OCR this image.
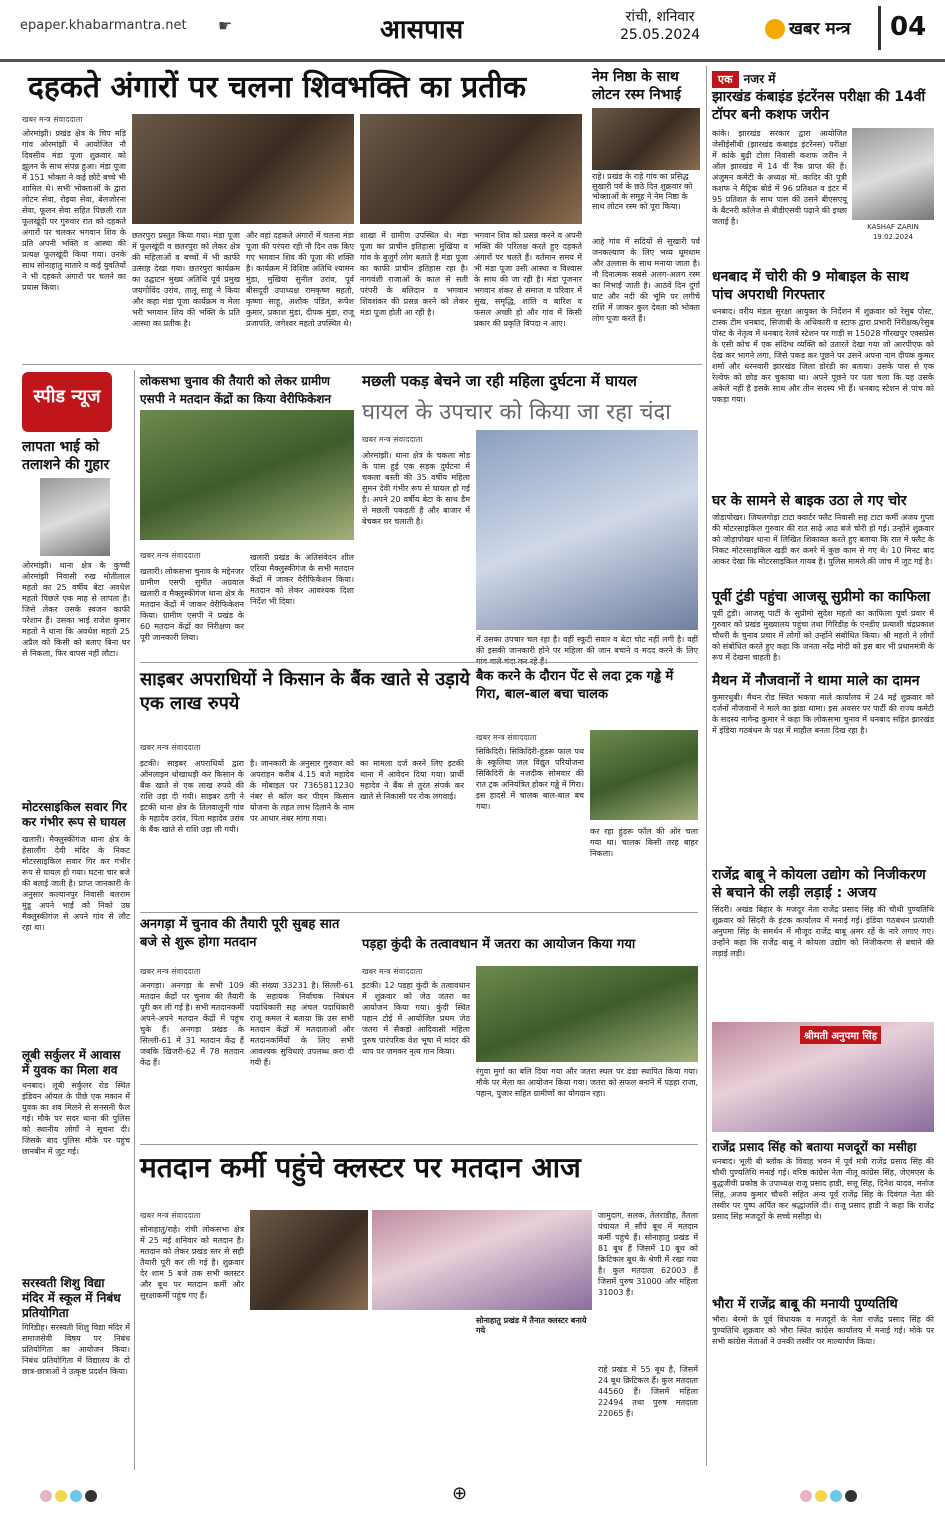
epaper.khabarmantra.net ☛	आसपास	रांची, शनिवार
25.05.2024	खबर मन्त्र 04
दहकते अंगारों पर चलना शिवभक्ति का प्रतीक
खबर मन्त्र संवाददाता
ओरमांझी। प्रखंड क्षेत्र के चिप मड़ि गांव ओरमांझी में आयोजित नौ दिवसीय मंडा पूजा शुक्रवार को झूलन के साथ संपन्न हुआ। मंडा पूजा में 151 भोक्ता ने कई छोटे बच्चे भी शामिल थे। सभी भोक्ताओं के द्वारा लोटन सेवा, रोइया सेवा, बेलजोरना सेवा, फूलन सेवा सहित पिछली रात फूलखूंदी पर गुरुवार रात को दहकते अंगारों पर चलकर भगवान शिव के प्रति अपनी भक्ति व आस्था की प्रत्यक्ष फूलखूंदी किया गया। उनके साथ सोनाहातु मातारे व कई युवतियों ने भी दहकते अंगारों पर चलने का प्रयास किया।
छतरपुरा प्रस्तुत किया गया। मंडा पूजा में फूलखूंदी व छतरपुरा को लेकर क्षेत्र की महिलाओं व बच्चों में भी काफी उत्साह देखा गया। छतरपुरा कार्यक्रम का उद्घाटन मुख्य अतिथि पूर्व प्रमुख जयगोविंद उरांव, तालू साहू ने किया और कहा मंडा पूजा कार्यक्रम व मेला भरी भगवान शिव की भक्ति के प्रति आस्था का प्रतीक है।
और वहां दहकते अंगारों में चलना मंडा पूजा की परंपरा रही नौ दिन तक किए गए भगवान शिव की पूजा की शक्ति है। कार्यक्रम में विशिष्ट अतिथि श्यामन मुंडा, मुखिया सुनील उरांव, पूर्व बीसदूदी उपाध्यक्ष रामकृष्ण महतो, कृष्णा साहू, अशोक पंडित, रूपेश कुमार, प्रकाश मुंडा, दीपक मुंडा, राजू प्रजापति, जगेश्वर महतो उपस्थित थे।
शाखा में ग्रामीण उपस्थित थे। मंडा पूजा का प्राचीन इतिहासः मुखिया व गांव के बुजुर्ग लोग बताते हैं मंडा पूजा का काफी प्राचीन इतिहास रहा है। नागवंशी राजाओं के काल से सती परंपरी के बलिदान व भगवान शिवशंकर की प्रसन्न करने को लेकर मंडा पूजा होती आ रही है।
भगवान शिव को प्रसन्न करने व अपनी भक्ति की परिलक्ष करते हुए दहकते अंगारों पर चलते हैं। वर्तमान समय में भी मंडा पूजा उसी आस्था व विश्वास के साथ की जा रही है। मंडा पूजनार भगवान शंकर से समाज व परिवार में सुख, समृद्धि, शांति व बारिश व फसल अच्छी हो और गांव में किसी प्रकार की प्रकृति विपदा न आए।
नेम निष्ठा के साथ लोटन रस्म निभाई
राहे। प्रखंड के राहे गांव का प्रसिद्ध सुखारी पर्व के छठे दिन शुक्रवार को भोक्ताओं के समूह ने नेम निष्ठा के साथ लोटन रस्म को पूरा किया।
आहे गांव में सदियों से सुखारी पर्व जनकल्याण के लिए भव्य धूमधाम और उल्लास के साथ मनाया जाता है। नौ दिनात्मक सबसे अलग-अलग रस्म का निभाई जाती है। आठवें दिन दुर्गा घाट और नदी की भूमि पर लगीचे राशि में जाकर कुल देवता को भोक्ता लोग पूजा करते हैं।
एक नजर में
झारखंड कंबाइंड इंटरेंनस परीक्षा की 14वीं टॉपर बनी कशफ जरीन
कांके। झारखंड सरकार द्वारा आयोजित जेसीईसीबी (झारखंड कंबाइंड इंटरेंनस) परीक्षा में कांके बुढ़ी टोला निवासी कशफ जरीन ने ऑल झारखंड में 14 वीं रैंक प्राप्त की है। अंजुमन कमेटी के अध्यक्ष मो. कादिर की पुत्री कशफ ने मैट्रिक बोर्ड में 96 प्रतिशत व इंटर में 95 प्रतिशत के साथ पास की उसने बीएसएयू के बैंटनरी कॉलेज से बीडीएसवी पढ़ाने की इच्छा जताई है।
KASHAF ZARIN 19.02.2024
धनबाद में चोरी की 9 मोबाइल के साथ पांच अपराधी गिरफ्तार
धनबाद। वरीय मंडल सुरक्षा आयुक्त के निर्देशन में शुक्रवार को रेसुब पोस्ट, टास्क टीम धनबाद, सिजाबी के अधिकारी व स्टाफ द्वारा प्रभारी निरीक्षक/रेसुब पोस्ट के नेतृत्व में धनबाद रेलवे स्टेशन पर गाड़ी स 15028 गौरखपुर एक्सप्रेस के एसी कोच में एक संदिग्ध व्यक्ति को उतारते देखा गया जो आरपीएफ को देख कर भागने लगा, जिसे पकड़ कर पूछने पर उसने अपना नाम दीपक कुमार शर्मा और धरनवारी झारखंड जिला डोरंडी का बताया। उसके पास से एक रेल्वेफ को छोड़ कर चुकाया था। अपने पूछने पर पता चला कि यह उसके अकेले नहीं है इसके साथ और तीन सदस्य भी हैं। धनबाद स्टेशन से पांच को पकड़ा गया।
घर के सामने से बाइक उठा ले गए चोर
जोड़ापोखर। जियलगोड़ा टाटा क्वार्टर फ्लैट निवासी सह टाटा कर्मी अजय गुप्ता की मोटरसाइकिल गुरुवार की रात साढ़े आठ बजे चोरी हो गई। उन्होंने शुक्रवार को जोड़ापोखर थाना में लिखित शिकायत करते हुए बताया कि रात में फ्लैट के निकट मोटरसाइकिल खड़ी कर कमरे में कुछ काम से गए थे। 10 मिनट बाद आकर देखा कि मोटरसाइकिल गायब है। पुलिस मामले की जांच में जुट गई है।
पूर्वी टुंडी पहुंचा आजसू सुप्रीमो का काफिला
पूर्वी टुंडी। आजसू पार्टी के सुप्रीमो सुदेश महतो का काफिला पूर्वा प्रवार में गुरुवार को प्रखंड मुख्यालय पहुंचा तथा गिरिडीह के एनडीए प्रत्याशी चंद्रप्रकाश चौधरी के चुनाव प्रचार में लोगों को उन्होंने संबोधित किया। श्री महतो ने लोगों को संबोधित करते हुए कहा कि जनता नरेंद्र मोदी को इस बार भी प्रधानमंत्री के रूप में देखना चाहती है।
मैथन में नौजवानों ने थामा माले का दामन
कुमारधुबी। मैथन रोड स्थित भकपा माले कार्यालय में 24 मई शुक्रवार को दर्जनों नौजवानों ने माले का झंडा थामा। इस अवसर पर पार्टी की राज्य कमेटी के सदस्य नागेन्द्र कुमार ने कहा कि लोकसभा चुनाव में धनबाद सहित झारखंड में इंडिया गठबंधन के पक्ष में माहौल बनता दिख रहा है।
राजेंद्र बाबू ने कोयला उद्योग को निजीकरण से बचाने की लड़ी लड़ाई : अजय
सिंदरी। अखंड बिहार के मजदूर नेता राजेंद्र प्रसाद सिंह की चौथी पुण्यतिथि शुक्रवार को सिंदरी के इंटक कार्यालय में मनाई गई। इंडिया गठबंधन प्रत्याशी अनुपमा सिंह के समर्थन में मौजूद राजेंद्र बाबू अमर रहें के नारे लगाए गए। उन्होंने कहा कि राजेंद्र बाबू ने कोयला उद्योग को निजीकरण से बचाने की लड़ाई लड़ी।
श्रीमती अनुपमा सिंह
राजेंद्र प्रसाद सिंह को बताया मजदूरों का मसीहा
धनबाद। भूली बी ब्लॉक के विवाह भवन में पूर्व मंत्री राजेंद्र प्रसाद सिंह की चौथी पुण्यतिथि मनाई गई। वरिष्ठ कांग्रेस नेता नीलू कांग्रेस सिंह, जेएमएस के बुद्धजीवी प्रकोष्ठ के उपाध्यक्ष राजू प्रसाद हाडी, सत्तू सिंह, दिनेश यादव, मनोज सिंह, अजय कुमार चौधरी सहित अन्य पूर्व राजेंद्र सिंह के दिवंगत नेता की तस्वीर पर पुष्प अर्पित कर श्रद्धांजलि दी। राजू प्रसाद हाडी ने कहा कि राजेंद्र प्रसाद सिंह मजदूरों के सच्चे मसीहा थे।
भौरा में राजेंद्र बाबू की मनायी पुण्यतिथि
भौरा। बेरमो के पूर्व विधायक व मजदूरों के नेता राजेंद्र प्रसाद सिंह की पुण्यतिथि शुक्रवार को भौरा स्थित कांग्रेस कार्यालय में मनाई गई। मोके पर सभी कांग्रेस नेताओं ने उनकी तस्वीर पर माल्यार्पण किया।
स्पीड न्यूज
लापता भाई को तलाशने की गुहार
ओरमांझी। थाना क्षेत्र के कुच्ची ओरमांझी निवासी रुख मोतीलाल महतो का 25 वर्षीय बेटा अवधेश महतो पिछले एक माह से लापता है। जिसे लेकर उसके स्वजन काफी परेशान हैं। उसका भाई राजेश कुमार महतो ने थाना कि अवधेश महतो 25 अप्रैल को किसी को बताए बिना घर से निकला, फिर वापस नहीं लौटा।
मोटरसाइकिल सवार गिर कर गंभीर रूप से घायल
खलारी। मैक्लुस्कीगंज थाना क्षेत्र के हेसालौंग देवी मंदिर के निकट मोटरसाइकिल सवार गिर कर गंभीर रूप से घायल हो गया। घटना चार बजे की बताई जाती है। प्राप्त जानकारी के अनुसार कल्यानपुर निवासी बलराम मुंडू अपने भाई को निको उम्र मैक्लुस्कीगंज से अपने गांव से लौट रहा था।
लूबी सर्कुलर में आवास में युवक का मिला शव
धनबाद। लूबी सर्कुलर रोड स्थित इंडियन ऑयल के पीछे एक मकान में युवक का शव मिलने से सनसनी फैल गई। मौके पर सदर थाना की पुलिस को स्थानीय लोगों ने सूचना दी। जिसके बाद पुलिस मौके पर पहुंच छानबीन में जुट गई।
सरस्वती शिशु विद्या मंदिर में स्कूल में निबंध प्रतियोगिता
गिरिडीह। सरस्वती शिशु विद्या मंदिर में समाजसेवी विषय पर निबंध प्रतियोगिता का आयोजन किया। निबंध प्रतियोगिता में विद्यालय के दो छात्र-छात्राओं ने उत्कृष्ट प्रदर्शन किया।
लोकसभा चुनाव की तैयारी को लेकर ग्रामीण एसपी ने मतदान केंद्रों का किया वेरीफिकेशन
खबर मन्त्र संवाददाता
खलारी। लोकसभा चुनाव के मद्देनजर ग्रामीण एसपी सुमीत अग्रवाल खलारी व मैक्लुस्कीगंज थाना क्षेत्र के मतदान केंद्रों में जाकर वेरीफिकेशन किया। ग्रामीण एसपी ने प्रखंड के 60 मतदान केंद्रों का निरीक्षण कर पूरी जानकारी लिया।
खलारी प्रखंड के अतिसंवेदन शील एरिया मैक्लुस्कीगंज के सभी मतदान केंद्रों में जाकर वेरीफिकेशन किया। मतदान को लेकर आवश्यक दिशा निर्देश भी दिया।
मछली पकड़ बेचने जा रही महिला दुर्घटना में घायल
घायल के उपचार को किया जा रहा चंदा
खबर मन्त्र संवाददाता
ओरमांझी। थाना क्षेत्र के चकला मोड़ के पास हुई एक सड़क दुर्घटना में चकला बस्ती की 35 वर्षीय महिला सुमन देवी गंभीर रूप से घायल हो गई है। अपने 20 वर्षीय बेटा के साथ डैम से मछली पकड़ती है और बाजार में बेचकर घर चलाती है।
में उसका उपचार चल रहा है। वहीं स्कूटी सवार व बेटा चोट नहीं लगी है। वहीं की इसकी जानकारी होने पर महिला की जान बचाने व मदद करने के लिए
साइबर अपराधियों ने किसान के बैंक खाते से उड़ाये एक लाख रुपये
खबर मन्त्र संवाददाता
इटकी। साइबर अपराधियों द्वारा ऑनलाइन धोखाधड़ी कर किसान के बैंक खाते से एक लाख रुपये की राशि उड़ा दी गयी। साइबर ठगी ने इटकी थाना क्षेत्र के तिलवालूनी गांव के महादेव उरांव, पिता महादेव उरांव के बैंक खाते से राशि उड़ा ली गयी।
है। जानकारी के अनुसार गुरुवार को अपराहन करीब 4.15 बजे महादेव के मोबाइल पर 7365811230 नंबर से कॉल कर पीएम किसान योजना के तहत लाभ दिलाने के नाम पर आधार नंबर मांगा गया।
का मामला दर्ज करने लिए इटकी थाना में आवेदन दिया गया। प्रार्थी महादेव ने बैंक से तुरंत संपर्क कर खाते से निकासी पर रोक लगवाई।
बैक करने के दौरान पेंट से लदा ट्रक गड्ढे में गिरा, बाल-बाल बचा चालक
खबर मन्त्र संवाददाता
सिकिदिरी। सिकिदिरी-हुंडरू फाल पथ के स्कूलिया जल विद्युत परियोजना सिकिदिरी के नजदीक सोमवार की रात ट्रक अनियंत्रित होकर गड्ढे में गिरा। इस हादसे में चालक बाल-बाल बच गया।
कर रहा हुंडरू फॉल की ओर चला गया था। चालक किसी तरह बाहर निकला।
अनगड़ा में चुनाव की तैयारी पूरी सुबह सात बजे से शुरू होगा मतदान
खबर मन्त्र संवाददाता
अनगड़ा। अनगड़ा के सभी 109 मतदान केंद्रों पर चुनाव की तैयारी पूरी कर ली गई है। सभी मतदानकर्मी अपने-अपने मतदान केंद्रों में पहुंच चुके हैं। अनगड़ा प्रखंड के सिल्ली-61 में 31 मतदान केंद्र हैं जबकि खिजरी-62 में 78 मतदान केंद्र हैं।
की संख्या 33231 है। सिल्ली-61 के सहायक निर्वाचक निबंधन पदाधिकारी सह अंचल पदाधिकारी राजू कमल ने बताया कि उस सभी मतदान केंद्रों में मतदाताओं और मतदानकर्मियों के लिए सभी आवश्यक सुविधाएं उपलब्ध करा दी गयी हैं।
पड़हा कुंदी के तत्वावधान में जतरा का आयोजन किया गया
खबर मन्त्र संवाददाता
इटकी। 12 पड़हा कुंदी के तत्वावधान में शुक्रवार को जेठ जतरा का आयोजन किया गया। कुंदी स्थित पहान टोई में आयोजित प्रथम जेठ जतरा में सैकड़ो आदिवासी महिला पुरुष पारंपरिक वेश भूषा में मांदर की थाप पर जमकर नृत्य गान किया।
रंगुवा मुर्गा का बलि दिया गया और जतरा स्थल पर ढंडा स्थापित किया गया। मौके पर मेला का आयोजन किया गया। जतरा को सफल बनाने में पड़हा राजा, पहान, पुजार सहित ग्रामीणों का योगदान रहा।
मतदान कर्मी पहुंचे क्लस्टर पर मतदान आज
खबर मन्त्र संवाददाता
सोनाहातु/राहे। रांची लोकसभा क्षेत्र में 25 मई शनिवार को मतदान है। मतदान को लेकर प्रखंड स्तर से सही तैयारी पूरी कर ली गई है। शुक्रवार देर शाम 5 बजे तक सभी क्लस्टर और बूथ पर मतदान कर्मी और सुरक्षाकर्मी पहुंच गए हैं।
सोनाहातु प्रखंड में तैनात क्लस्टर बनाये गये
जामुदाग, सलक, तेलराडीह, तैतला पंचायत में सौंपे बूथ में मतदान कर्मी पहुंचे हैं। सोनाहातु प्रखंड में 81 बूथ हैं जिसमें 10 बूथ को क्रिटिकल बूथ के श्रेणी में रखा गया है। कुल मतदाता 62003 हैं जिसमें पुरुष 31000 और महिला 31003 हैं।
राहे प्रखंड में 55 बूथ है, जिसमें 24 बूथ क्रिटिकल हैं। कुल मतदाता 44560 हैं। जिसमें महिला 22494 तथा पुरुष मतदाता 22065 हैं।
⊕
